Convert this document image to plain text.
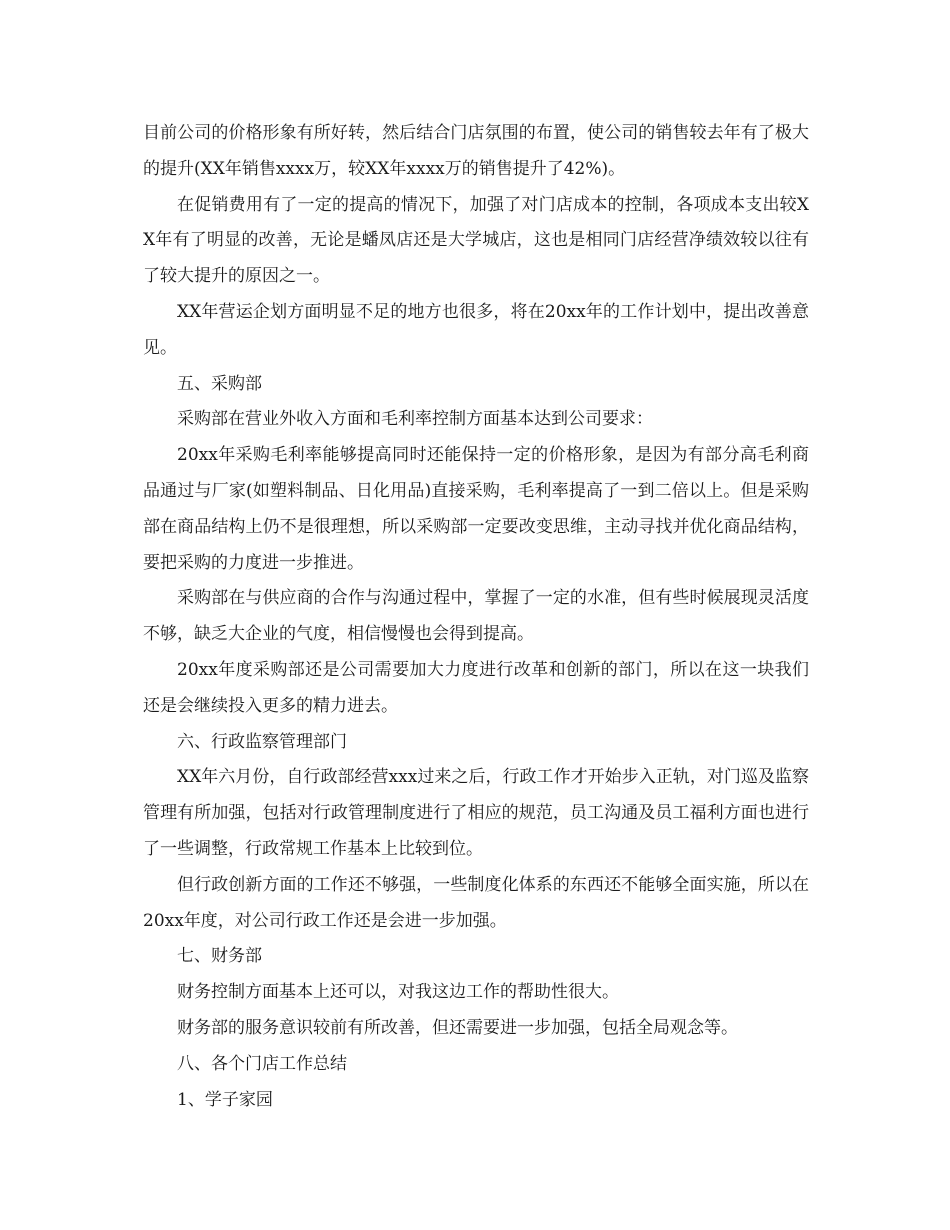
目前公司的价格形象有所好转，然后结合门店氛围的布置，使公司的销售较去年有了极大的提升(XX年销售xxxx万，较XX年xxxx万的销售提升了42%)。

在促销费用有了一定的提高的情况下，加强了对门店成本的控制，各项成本支出较XX年有了明显的改善，无论是蟠凤店还是大学城店，这也是相同门店经营净绩效较以往有了较大提升的原因之一。

XX年营运企划方面明显不足的地方也很多，将在20xx年的工作计划中，提出改善意见。

五、采购部

采购部在营业外收入方面和毛利率控制方面基本达到公司要求：

20xx年采购毛利率能够提高同时还能保持一定的价格形象，是因为有部分高毛利商品通过与厂家(如塑料制品、日化用品)直接采购，毛利率提高了一到二倍以上。但是采购部在商品结构上仍不是很理想，所以采购部一定要改变思维，主动寻找并优化商品结构，要把采购的力度进一步推进。

采购部在与供应商的合作与沟通过程中，掌握了一定的水准，但有些时候展现灵活度不够，缺乏大企业的气度，相信慢慢也会得到提高。

20xx年度采购部还是公司需要加大力度进行改革和创新的部门，所以在这一块我们还是会继续投入更多的精力进去。

六、行政监察管理部门

XX年六月份，自行政部经营xxx过来之后，行政工作才开始步入正轨，对门巡及监察管理有所加强，包括对行政管理制度进行了相应的规范，员工沟通及员工福利方面也进行了一些调整，行政常规工作基本上比较到位。

但行政创新方面的工作还不够强，一些制度化体系的东西还不能够全面实施，所以在20xx年度，对公司行政工作还是会进一步加强。

七、财务部

财务控制方面基本上还可以，对我这边工作的帮助性很大。

财务部的服务意识较前有所改善，但还需要进一步加强，包括全局观念等。

八、各个门店工作总结

1、学子家园
